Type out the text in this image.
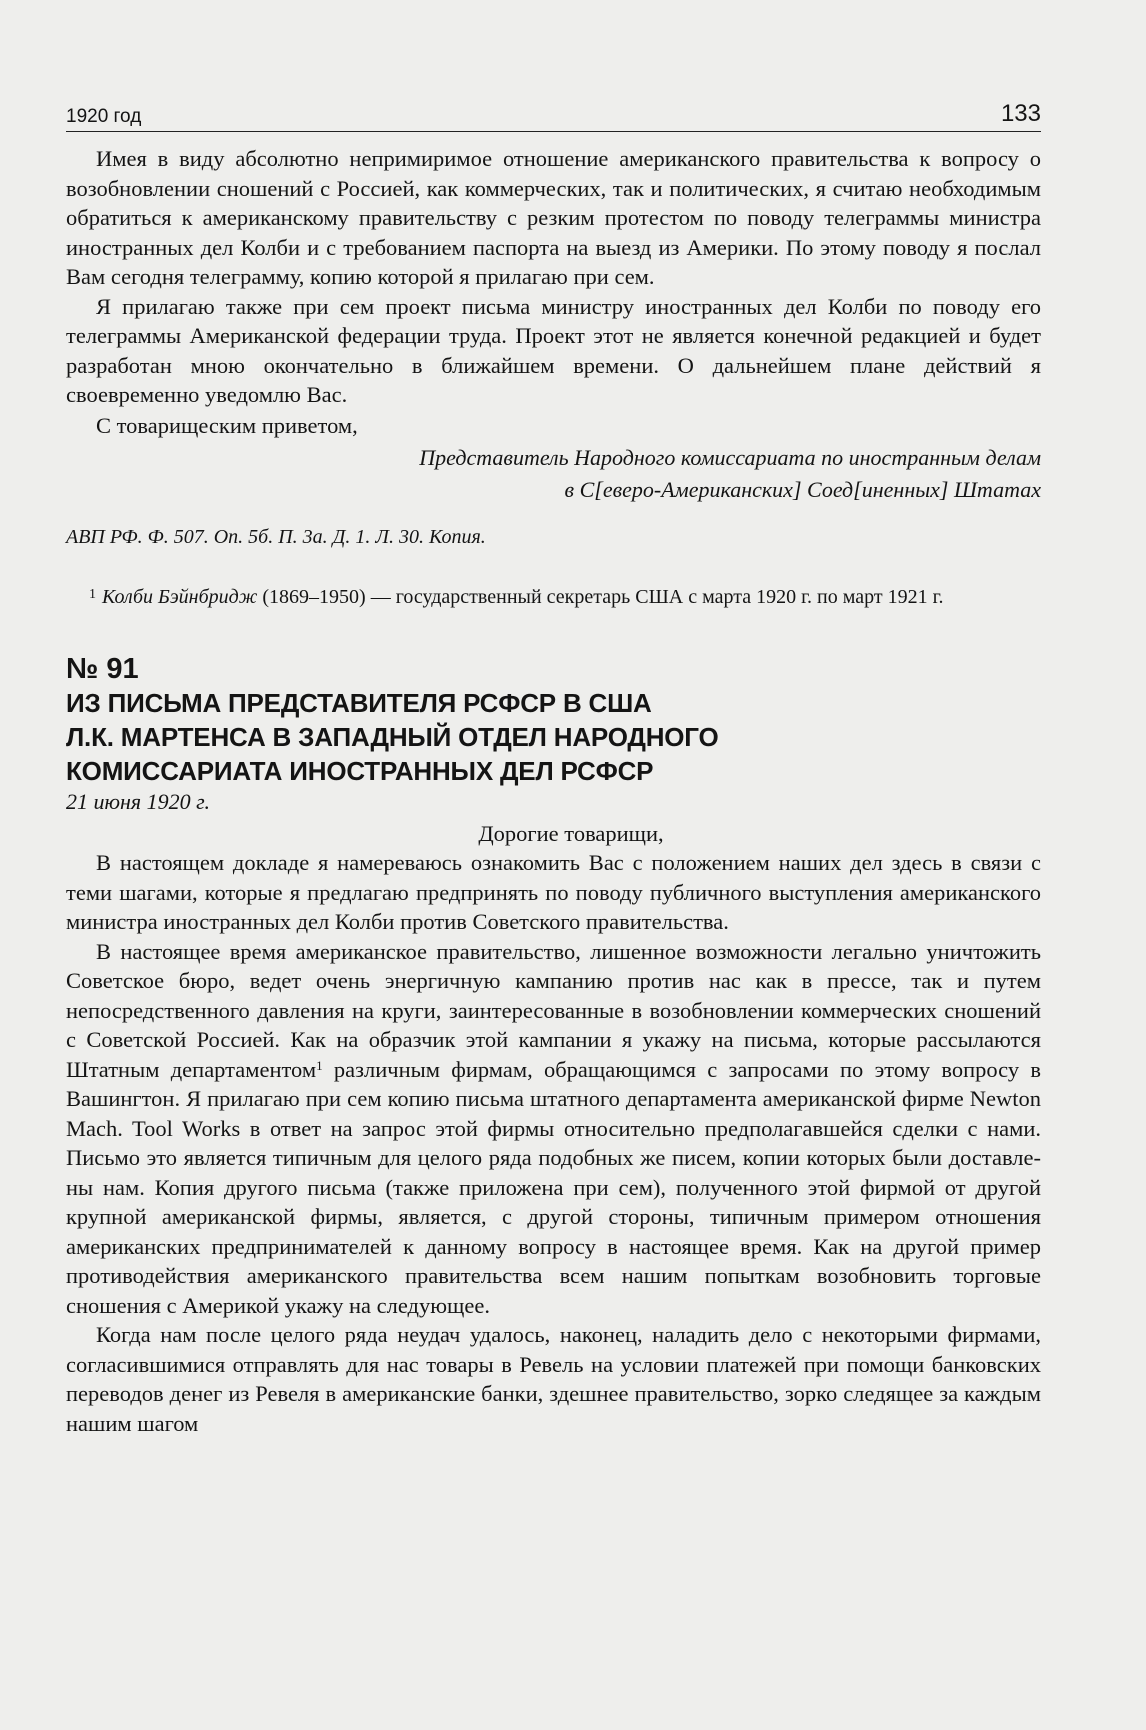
1920 год	133

Имея в виду абсолютно непримиримое отношение американского правительства к вопросу о возобновлении сношений с Россией, как коммерческих, так и политических, я считаю необходимым обратиться к американскому правительству с резким протестом по поводу телеграммы министра иностранных дел Колби и с требованием паспорта на выезд из Америки. По этому поводу я послал Вам сегодня телеграмму, копию которой я прилагаю при сем.

Я прилагаю также при сем проект письма министру иностранных дел Колби по поводу его телеграммы Американской федерации труда. Проект этот не является конечной редакцией и будет разработан мною окончательно в ближайшем времени. О дальнейшем плане действий я своевременно уведомлю Вас.

С товарищеским приветом,

Представитель Народного комиссариата по иностранным делам
в С[еверо-Американских] Соед[иненных] Штатах
АВП РФ. Ф. 507. Оп. 5б. П. 3а. Д. 1. Л. 30. Копия.
1 Колби Бэйнбридж (1869–1950) — государственный секретарь США с марта 1920 г. по март 1921 г.
№ 91
ИЗ ПИСЬМА ПРЕДСТАВИТЕЛЯ РСФСР В США
Л.К. МАРТЕНСА В ЗАПАДНЫЙ ОТДЕЛ НАРОДНОГО
КОМИССАРИАТА ИНОСТРАННЫХ ДЕЛ РСФСР
21 июня 1920 г.
Дорогие товарищи,

В настоящем докладе я намереваюсь ознакомить Вас с положением наших дел здесь в связи с теми шагами, которые я предлагаю предпринять по поводу публичного выступления американского министра иностранных дел Колби против Советского правительства.

В настоящее время американское правительство, лишенное возможности легально уничтожить Советское бюро, ведет очень энергичную кампанию против нас как в прессе, так и путем непосредственного давления на круги, заинтересованные в возобновлении коммерческих сношений с Советской Россией. Как на образчик этой кампании я укажу на письма, которые рассылаются Штатным департаментом$^1$ различным фирмам, обращающимся с запросами по этому вопросу в Вашингтон. Я прилагаю при сем копию письма штатного департамента американской фирме Newton Mach. Tool Works в ответ на запрос этой фирмы относительно предполагавшейся сделки с нами. Письмо это является типичным для целого ряда подобных же писем, копии которых были доставлены нам. Копия другого письма (также приложена при сем), полученного этой фирмой от другой крупной американской фирмы, является, с другой стороны, типичным примером отношения американских предпринимателей к данному вопросу в настоящее время. Как на другой пример противодействия американского правительства всем нашим попыткам возобновить торговые сношения с Америкой укажу на следующее.

Когда нам после целого ряда неудач удалось, наконец, наладить дело с некоторыми фирмами, согласившимися отправлять для нас товары в Ревель на условии платежей при помощи банковских переводов денег из Ревеля в американские банки, здешнее правительство, зорко следящее за каждым нашим шагом
